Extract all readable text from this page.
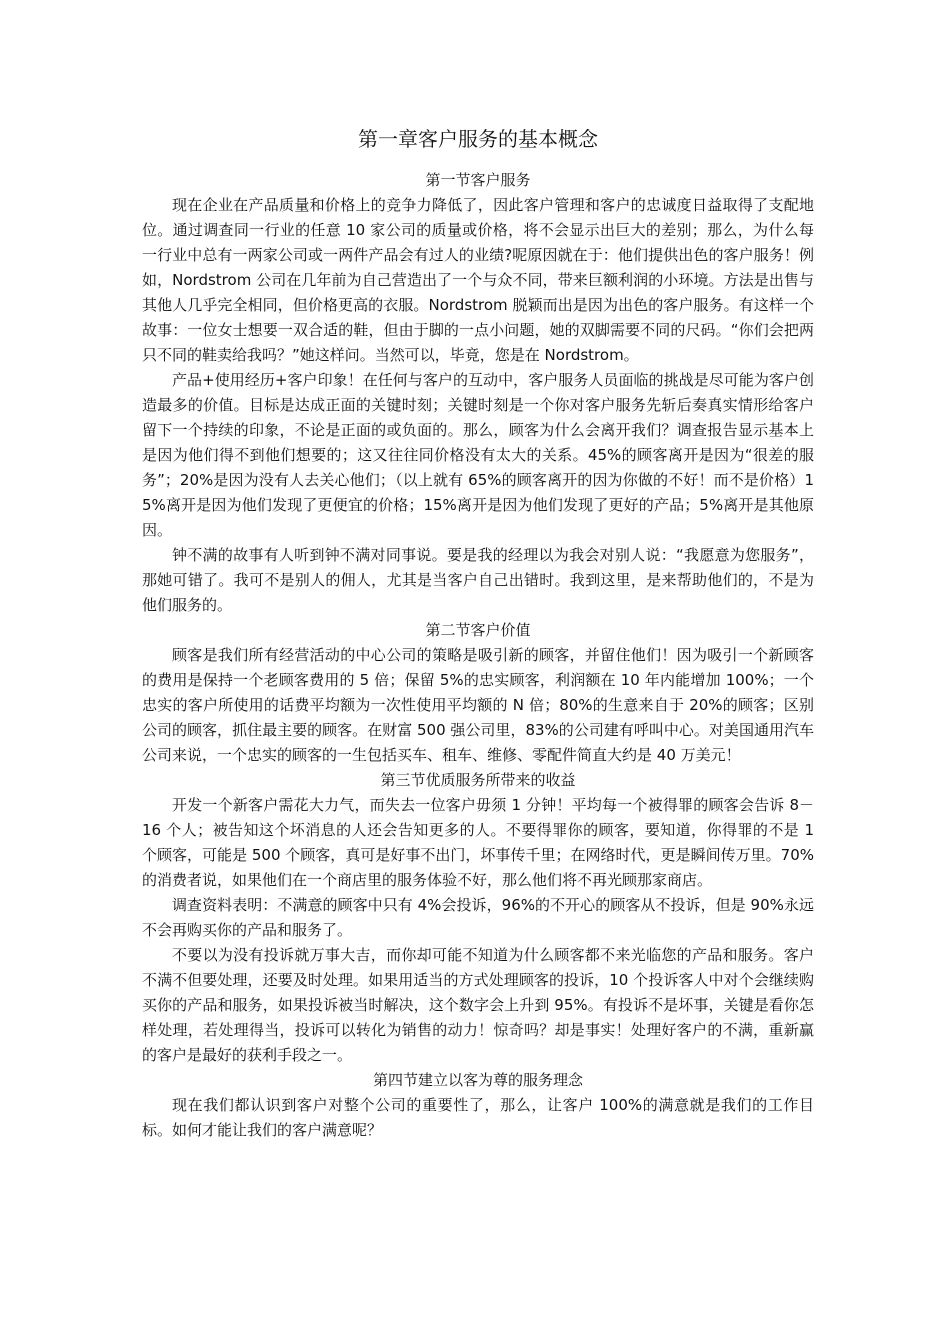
第一章客户服务的基本概念
第一节客户服务

现在企业在产品质量和价格上的竞争力降低了，因此客户管理和客户的忠诚度日益取得了支配地位。通过调查同一行业的任意 10 家公司的质量或价格，将不会显示出巨大的差别；那么，为什么每一行业中总有一两家公司或一两件产品会有过人的业绩?呢原因就在于：他们提供出色的客户服务！例如，Nordstrom 公司在几年前为自己营造出了一个与众不同，带来巨额利润的小环境。方法是出售与其他人几乎完全相同，但价格更高的衣服。Nordstrom 脱颖而出是因为出色的客户服务。有这样一个故事：一位女士想要一双合适的鞋，但由于脚的一点小问题，她的双脚需要不同的尺码。“你们会把两只不同的鞋卖给我吗？”她这样问。当然可以，毕竟，您是在 Nordstrom。

产品+使用经历+客户印象！在任何与客户的互动中，客户服务人员面临的挑战是尽可能为客户创造最多的价值。目标是达成正面的关键时刻；关键时刻是一个你对客户服务先斩后奏真实情形给客户留下一个持续的印象，不论是正面的或负面的。那么，顾客为什么会离开我们？调查报告显示基本上是因为他们得不到他们想要的；这又往往同价格没有太大的关系。45%的顾客离开是因为“很差的服务”；20%是因为没有人去关心他们；（以上就有 65%的顾客离开的因为你做的不好！而不是价格）15%离开是因为他们发现了更便宜的价格；15%离开是因为他们发现了更好的产品；5%离开是其他原因。

钟不满的故事有人听到钟不满对同事说。要是我的经理以为我会对别人说：“我愿意为您服务”，那她可错了。我可不是别人的佣人，尤其是当客户自己出错时。我到这里，是来帮助他们的，不是为他们服务的。

第二节客户价值

顾客是我们所有经营活动的中心公司的策略是吸引新的顾客，并留住他们！因为吸引一个新顾客的费用是保持一个老顾客费用的 5 倍；保留 5%的忠实顾客，利润额在 10 年内能增加 100%；一个忠实的客户所使用的话费平均额为一次性使用平均额的 N 倍；80%的生意来自于 20%的顾客；区别公司的顾客，抓住最主要的顾客。在财富 500 强公司里，83%的公司建有呼叫中心。对美国通用汽车公司来说，一个忠实的顾客的一生包括买车、租车、维修、零配件简直大约是 40 万美元！

第三节优质服务所带来的收益

开发一个新客户需花大力气，而失去一位客户毋须 1 分钟！平均每一个被得罪的顾客会告诉 8－16 个人；被告知这个坏消息的人还会告知更多的人。不要得罪你的顾客，要知道，你得罪的不是 1 个顾客，可能是 500 个顾客，真可是好事不出门，坏事传千里；在网络时代，更是瞬间传万里。70%的消费者说，如果他们在一个商店里的服务体验不好，那么他们将不再光顾那家商店。

调查资料表明：不满意的顾客中只有 4%会投诉，96%的不开心的顾客从不投诉，但是 90%永远不会再购买你的产品和服务了。

不要以为没有投诉就万事大吉，而你却可能不知道为什么顾客都不来光临您的产品和服务。客户不满不但要处理，还要及时处理。如果用适当的方式处理顾客的投诉，10 个投诉客人中对个会继续购买你的产品和服务，如果投诉被当时解决，这个数字会上升到 95%。有投诉不是坏事，关键是看你怎样处理，若处理得当，投诉可以转化为销售的动力！惊奇吗？却是事实！处理好客户的不满，重新赢的客户是最好的获利手段之一。

第四节建立以客为尊的服务理念

现在我们都认识到客户对整个公司的重要性了，那么，让客户 100%的满意就是我们的工作目标。如何才能让我们的客户满意呢？
